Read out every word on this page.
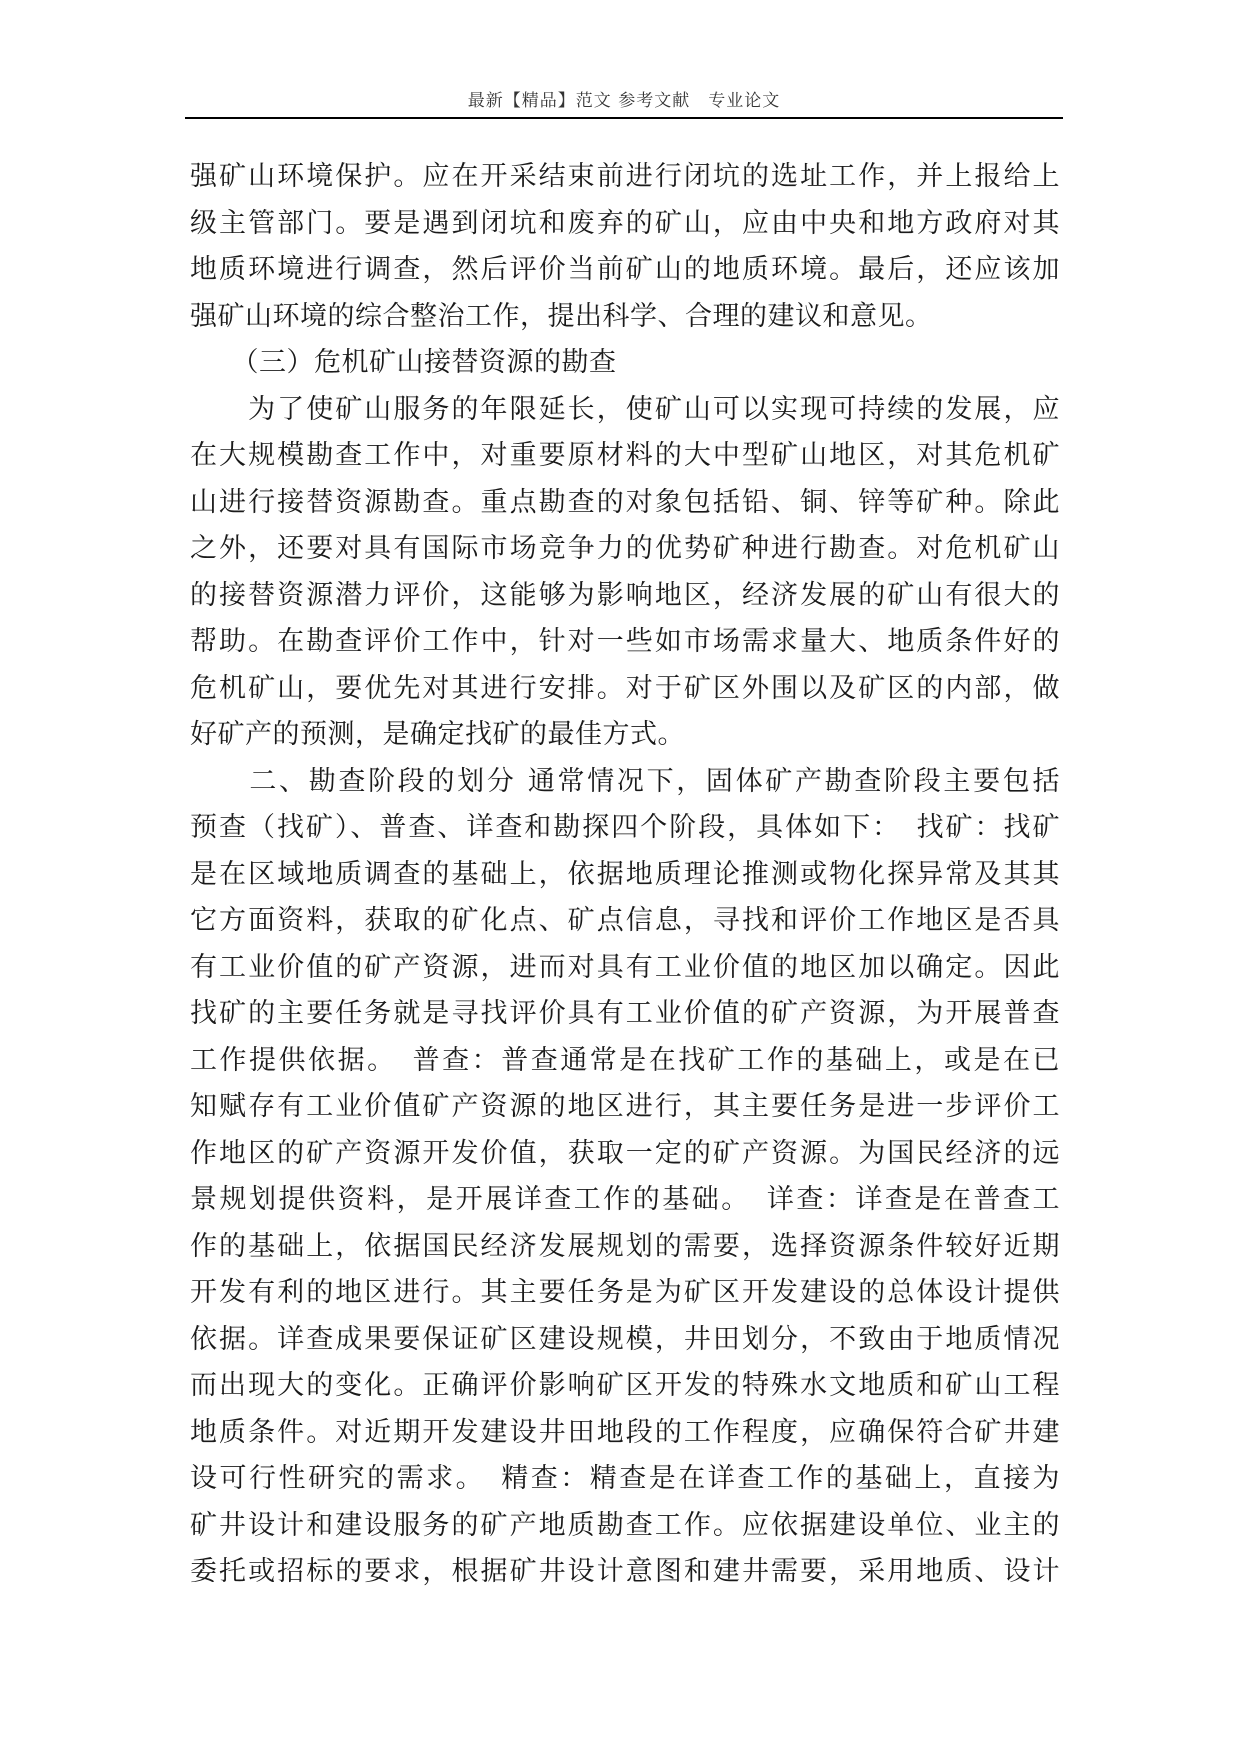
最新【精品】范文 参考文献　专业论文
强矿山环境保护。应在开采结束前进行闭坑的选址工作，并上报给上
级主管部门。要是遇到闭坑和废弃的矿山，应由中央和地方政府对其
地质环境进行调查，然后评价当前矿山的地质环境。最后，还应该加
强矿山环境的综合整治工作，提出科学、合理的建议和意见。
　　（三）危机矿山接替资源的勘查
　　为了使矿山服务的年限延长，使矿山可以实现可持续的发展，应
在大规模勘查工作中，对重要原材料的大中型矿山地区，对其危机矿
山进行接替资源勘查。重点勘查的对象包括铅、铜、锌等矿种。除此
之外，还要对具有国际市场竞争力的优势矿种进行勘查。对危机矿山
的接替资源潜力评价，这能够为影响地区，经济发展的矿山有很大的
帮助。在勘查评价工作中，针对一些如市场需求量大、地质条件好的
危机矿山，要优先对其进行安排。对于矿区外围以及矿区的内部，做
好矿产的预测，是确定找矿的最佳方式。
　　二、勘查阶段的划分 通常情况下，固体矿产勘查阶段主要包括
预查（找矿）、普查、详查和勘探四个阶段，具体如下：　找矿：找矿
是在区域地质调查的基础上，依据地质理论推测或物化探异常及其其
它方面资料，获取的矿化点、矿点信息，寻找和评价工作地区是否具
有工业价值的矿产资源，进而对具有工业价值的地区加以确定。因此
找矿的主要任务就是寻找评价具有工业价值的矿产资源，为开展普查
工作提供依据。　普查：普查通常是在找矿工作的基础上，或是在已
知赋存有工业价值矿产资源的地区进行，其主要任务是进一步评价工
作地区的矿产资源开发价值，获取一定的矿产资源。为国民经济的远
景规划提供资料，是开展详查工作的基础。　详查：详查是在普查工
作的基础上，依据国民经济发展规划的需要，选择资源条件较好近期
开发有利的地区进行。其主要任务是为矿区开发建设的总体设计提供
依据。详查成果要保证矿区建设规模，井田划分，不致由于地质情况
而出现大的变化。正确评价影响矿区开发的特殊水文地质和矿山工程
地质条件。对近期开发建设井田地段的工作程度，应确保符合矿井建
设可行性研究的需求。　精查：精查是在详查工作的基础上，直接为
矿井设计和建设服务的矿产地质勘查工作。应依据建设单位、业主的
委托或招标的要求，根据矿井设计意图和建井需要，采用地质、设计
